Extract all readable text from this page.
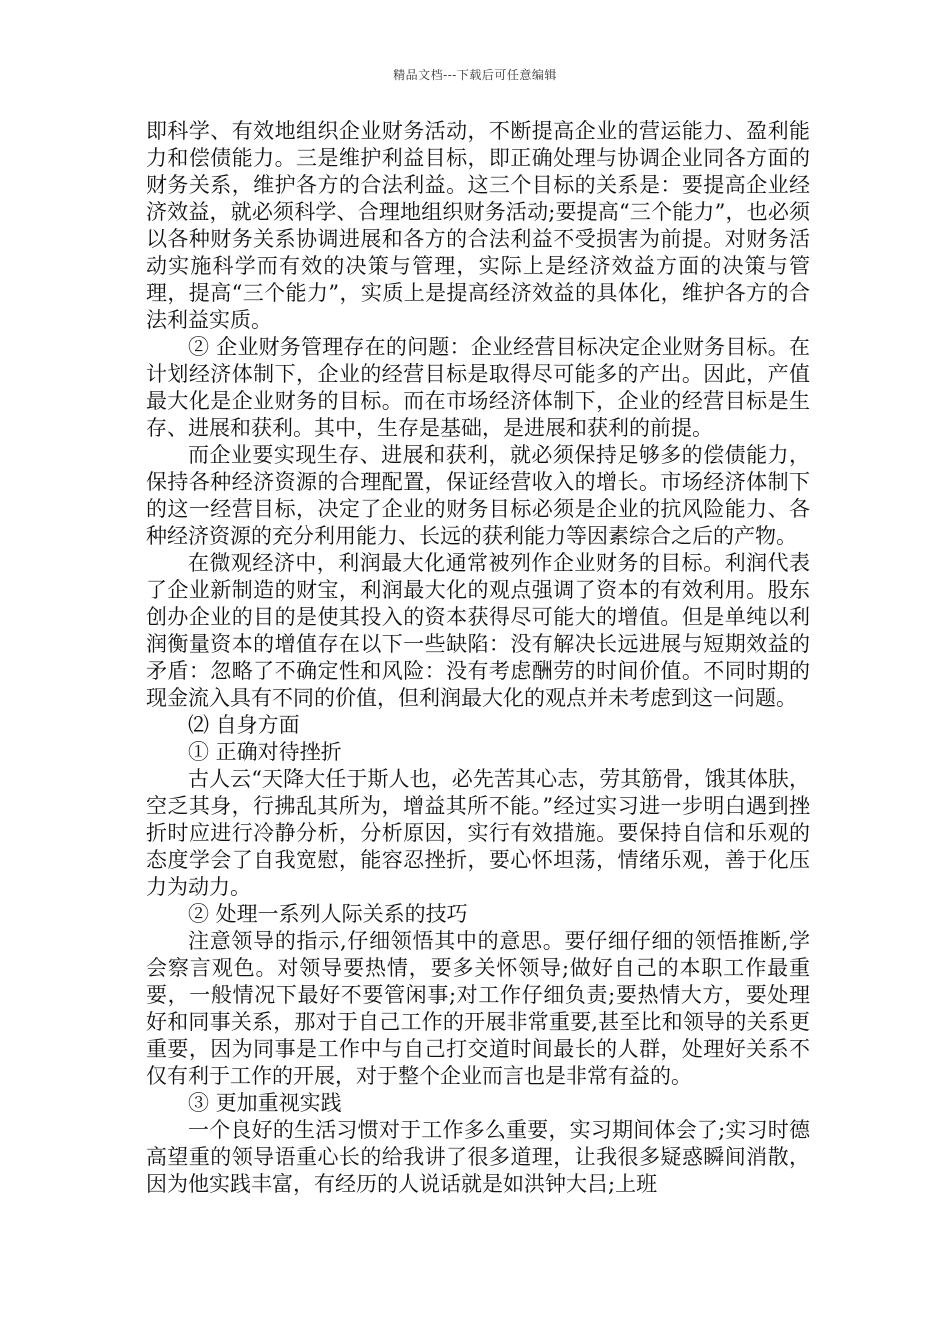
精品文档---下载后可任意编辑

即科学、有效地组织企业财务活动，不断提高企业的营运能力、盈利能力和偿债能力。三是维护利益目标，即正确处理与协调企业同各方面的财务关系，维护各方的合法利益。这三个目标的关系是：要提高企业经济效益，就必须科学、合理地组织财务活动;要提高“三个能力”，也必须以各种财务关系协调进展和各方的合法利益不受损害为前提。对财务活动实施科学而有效的决策与管理，实际上是经济效益方面的决策与管理，提高“三个能力”，实质上是提高经济效益的具体化，维护各方的合法利益实质。

② 企业财务管理存在的问题：企业经营目标决定企业财务目标。在计划经济体制下，企业的经营目标是取得尽可能多的产出。因此，产值最大化是企业财务的目标。而在市场经济体制下，企业的经营目标是生存、进展和获利。其中，生存是基础，是进展和获利的前提。

而企业要实现生存、进展和获利，就必须保持足够多的偿债能力，保持各种经济资源的合理配置，保证经营收入的增长。市场经济体制下的这一经营目标，决定了企业的财务目标必须是企业的抗风险能力、各种经济资源的充分利用能力、长远的获利能力等因素综合之后的产物。

在微观经济中，利润最大化通常被列作企业财务的目标。利润代表了企业新制造的财宝，利润最大化的观点强调了资本的有效利用。股东创办企业的目的是使其投入的资本获得尽可能大的增值。但是单纯以利润衡量资本的增值存在以下一些缺陷：没有解决长远进展与短期效益的矛盾：忽略了不确定性和风险：没有考虑酬劳的时间价值。不同时期的现金流入具有不同的价值，但利润最大化的观点并未考虑到这一问题。

⑵ 自身方面

① 正确对待挫折

古人云“天降大任于斯人也，必先苦其心志，劳其筋骨，饿其体肤，空乏其身，行拂乱其所为，增益其所不能。”经过实习进一步明白遇到挫折时应进行冷静分析，分析原因，实行有效措施。要保持自信和乐观的态度学会了自我宽慰，能容忍挫折，要心怀坦荡，情绪乐观，善于化压力为动力。

② 处理一系列人际关系的技巧

注意领导的指示,仔细领悟其中的意思。要仔细仔细的领悟推断,学会察言观色。对领导要热情，要多关怀领导;做好自己的本职工作最重要，一般情况下最好不要管闲事;对工作仔细负责;要热情大方，要处理好和同事关系，那对于自己工作的开展非常重要,甚至比和领导的关系更重要，因为同事是工作中与自己打交道时间最长的人群，处理好关系不仅有利于工作的开展，对于整个企业而言也是非常有益的。

③ 更加重视实践

一个良好的生活习惯对于工作多么重要，实习期间体会了;实习时德高望重的领导语重心长的给我讲了很多道理，让我很多疑惑瞬间消散，因为他实践丰富，有经历的人说话就是如洪钟大吕;上班
